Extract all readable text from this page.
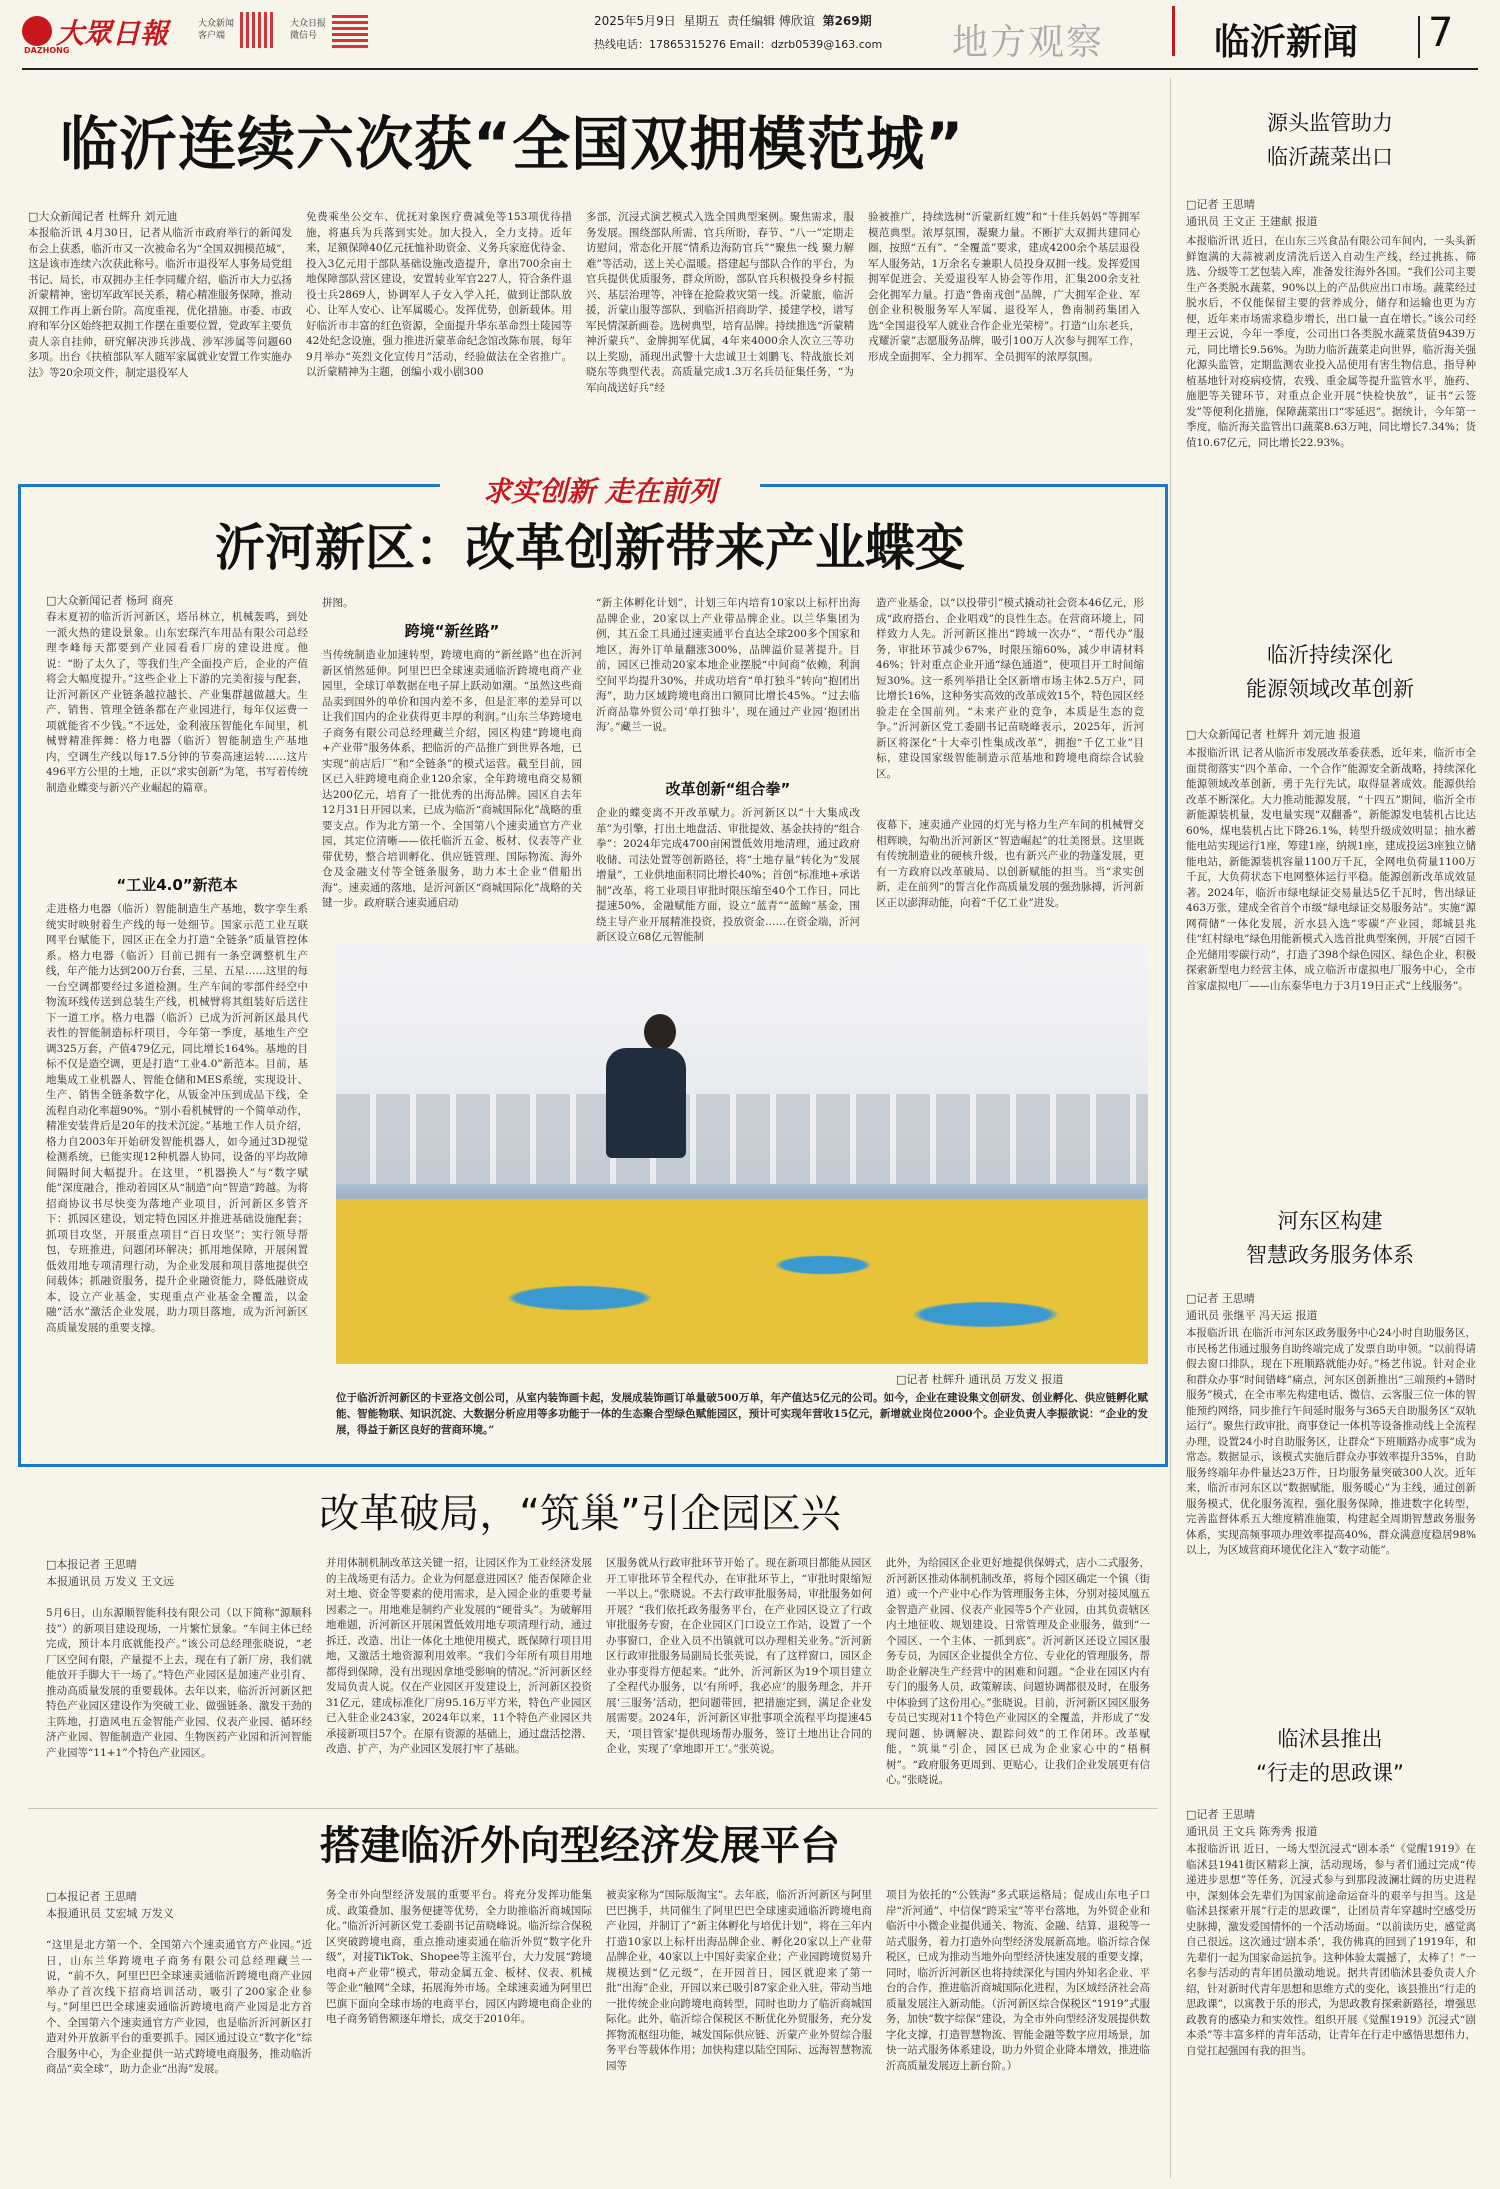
大眾日報
DAZHONG
大众新闻客户端
大众日报微信号
2025年5月9日 星期五 责任编辑 傅欣谊 第269期
热线电话：17865315276 Email：dzrb0539@163.com 地方观察	临沂新闻 7
临沂连续六次获“全国双拥模范城”
□大众新闻记者 杜辉升 刘元迪
本报临沂讯 4月30日，记者从临沂市政府举行的新闻发布会上获悉，临沂市又一次被命名为“全国双拥模范城”，这是该市连续六次获此称号。临沂市退役军人事务局党组书记、局长，市双拥办主任李同耀介绍，临沂市大力弘扬沂蒙精神，密切军政军民关系，精心精准服务保障，推动双拥工作再上新台阶。高度重视，优化措施。市委、市政府和军分区始终把双拥工作摆在重要位置，党政军主要负责人亲自挂帅，研究解决涉兵涉战、涉军涉属等问题60多项。出台《扶植部队军人随军家属就业安置工作实施办法》等20余项文件，制定退役军人
免费乘坐公交车、优抚对象医疗费减免等153项优待措施，将惠兵为兵落到实处。加大投入，全力支持。近年来，足额保障40亿元抚恤补助资金、义务兵家庭优待金、投入3亿元用于部队基础设施改造提升，拿出700余亩土地保障部队营区建设，安置转业军官227人，符合条件退役士兵2869人，协调军人子女入学入托，做到让部队放心、让军人安心、让军属暖心。发挥优势，创新载体。用好临沂市丰富的红色资源，全面提升华东革命烈士陵园等42处纪念设施，强力推进沂蒙革命纪念馆改陈布展，每年9月举办“英烈文化宣传月”活动，经验做法在全省推广。以沂蒙精神为主题，创编小戏小剧300
多部，沉浸式演艺模式入选全国典型案例。聚焦需求，服务发展。围绕部队所需、官兵所盼，春节、“八一”定期走访慰问，常态化开展“情系边海防官兵”“聚焦一线 聚力解难”等活动，送上关心温暖。搭建起与部队合作的平台，为官兵提供优质服务，群众所盼，部队官兵积极投身乡村振兴、基层治理等，冲锋在抢险救灾第一线。沂蒙旅，临沂援，沂蒙山服等部队，到临沂招商助学、援建学校，谱写军民情深新画卷。选树典型，培育品牌。持续推选“沂蒙精神沂蒙兵”、金牌拥军优属，4年来4000余人次立三等功以上奖励，涌现出武警十大忠诚卫士刘鹏飞、特战旅长刘晓东等典型代表。高质量完成1.3万名兵员征集任务，“为军向战送好兵”经
验被推广，持续选树“沂蒙新红嫂”和“十佳兵妈妈”等拥军模范典型。浓厚氛围，凝聚力量。不断扩大双拥共建同心圈，按照“五有”、“全覆盖”要求，建成4200余个基层退役军人服务站，1万余名专兼职人员投身双拥一线。发挥爱国拥军促进会、关爱退役军人协会等作用，汇集200余支社会化拥军力量。打造“鲁南戎创”品牌，广大拥军企业、军创企业积极服务军人军属、退役军人，鲁南制药集团入选“全国退役军人就业合作企业光荣榜”。打造“山东老兵，戎耀沂蒙”志愿服务品牌，吸引100万人次参与拥军工作，形成全面拥军、全力拥军、全员拥军的浓厚氛围。
求实创新 走在前列
沂河新区：改革创新带来产业蝶变
□大众新闻记者 杨珂 商亮
春末夏初的临沂沂河新区，塔吊林立，机械轰鸣，到处一派火热的建设景象。山东宏琛汽车用品有限公司总经理李峰每天都要到产业园看看厂房的建设进度。他说：“盼了太久了，等我们生产全面投产后，企业的产值将会大幅度提升。”这些企业上下游的完美衔接与配套，让沂河新区产业链条越拉越长、产业集群越做越大。生产、销售、管理全链条都在产业园进行，每年仅运费一项就能省不少钱。”不远处，金利液压智能化车间里，机械臂精准挥舞：格力电器（临沂）智能制造生产基地内，空调生产线以每17.5分钟的节奏高速运转……这片496平方公里的土地，正以“求实创新”为笔，书写着传统制造业蝶变与新兴产业崛起的篇章。
“工业4.0”新范本
走进格力电器（临沂）智能制造生产基地，数字孪生系统实时映射着生产线的每一处细节。国家示范工业互联网平台赋能下，园区正在全力打造“全链条”质量管控体系。格力电器（临沂）目前已拥有一条空调整机生产线，年产能力达到200万台套，三星、五星……这里的每一台空调都要经过多道检测。生产车间的零部件经空中物流环线传送到总装生产线，机械臂将其组装好后送往下一道工序。格力电器（临沂）已成为沂河新区最具代表性的智能制造标杆项目，今年第一季度，基地生产空调325万套，产值479亿元，同比增长164%。基地的目标不仅是造空调，更是打造“工业4.0”新范本。目前，基地集成工业机器人、智能仓储和MES系统，实现设计、生产、销售全链条数字化，从钣金冲压到成品下线，全流程自动化率超90%。“别小看机械臂的一个简单动作，精准安装背后是20年的技术沉淀。”基地工作人员介绍，格力自2003年开始研发智能机器人，如今通过3D视觉检测系统，已能实现12种机器人协同，设备的平均故障间隔时间大幅提升。在这里，“机器换人”与“数字赋能”深度融合，推动着园区从“制造”向“智造”跨越。为将招商协议书尽快变为落地产业项目，沂河新区多管齐下：抓园区建设，划定特色园区并推进基础设施配套；抓项目攻坚，开展重点项目“百日攻坚”；实行领导帮包，专班推进，问题闭环解决；抓用地保障，开展闲置低效用地专项清理行动，为企业发展和项目落地提供空间载体；抓融资服务，提升企业融资能力，降低融资成本，设立产业基金，实现重点产业基金全覆盖，以金融“活水”激活企业发展，助力项目落地，成为沂河新区高质量发展的重要支撑。
拼图。
跨境“新丝路”
当传统制造业加速转型，跨境电商的“新丝路”也在沂河新区悄然延伸。阿里巴巴全球速卖通临沂跨境电商产业园里，全球订单数据在电子屏上跃动如潮。“虽然这些商品卖到国外的单价和国内差不多，但是汇率的差异可以让我们国内的企业获得更丰厚的利润。”山东兰华跨境电子商务有限公司总经理藏兰介绍，园区构建“跨境电商+产业带”服务体系，把临沂的产品推广到世界各地，已实现“前店后厂”和“全链条”的模式运营。截至目前，园区已入驻跨境电商企业120余家，全年跨境电商交易额达200亿元，培育了一批优秀的出海品牌。园区自去年12月31日开园以来，已成为临沂“商城国际化”战略的重要支点。作为北方第一个、全国第八个速卖通官方产业园，其定位清晰——依托临沂五金、板材、仪表等产业带优势，整合培训孵化、供应链管理、国际物流、海外仓及金融支付等全链条服务，助力本土企业“借船出海”。速卖通的落地，是沂河新区“商城国际化”战略的关键一步。政府联合速卖通启动
“新主体孵化计划”，计划三年内培育10家以上标杆出海品牌企业，20家以上产业带品牌企业。以兰华集团为例，其五金工具通过速卖通平台直达全球200多个国家和地区，海外订单量翻涨300%，品牌溢价显著提升。目前，园区已推动20家本地企业摆脱“中间商”依赖，利润空间平均提升30%，并成功培育“单打独斗”转向“抱团出海”，助力区域跨境电商出口额同比增长45%。“过去临沂商品靠外贸公司‘单打独斗’，现在通过产业园‘抱团出海’。”藏兰一说。
改革创新“组合拳”
企业的蝶变离不开改革赋力。沂河新区以“十大集成改革”为引擎，打出土地盘活、审批提效、基金扶持的“组合拳”：2024年完成4700亩闲置低效用地清理，通过政府收储、司法处置等创新路径，将“土地存量”转化为“发展增量”，工业供地面积同比增长40%；首创“标准地+承诺制”改革，将工业项目审批时限压缩至40个工作日，同比提速50%，金融赋能方面，设立“蓝青”“蓝鲸”基金，围绕主导产业开展精准投资，投放资金……在资金端，沂河新区设立68亿元智能制
造产业基金，以“以投带引”模式撬动社会资本46亿元，形成“政府搭台、企业唱戏”的良性生态。在营商环境上，同样致力人先。沂河新区推出“跨域一次办”、“帮代办”服务，审批环节减少67%，时限压缩60%，减少申请材料46%；针对重点企业开通“绿色通道”，使项目开工时间缩短30%。这一系列举措让全区新增市场主体2.5万户，同比增长16%，这种务实高效的改革成效15个，特色园区经验走在全国前列。“未来产业的竞争，本质是生态的竞争。”沂河新区党工委副书记苗晓峰表示，2025年，沂河新区将深化“十大牵引性集成改革”，拥抱“千亿工业”目标，建设国家级智能制造示范基地和跨境电商综合试验区。
夜幕下，速卖通产业园的灯光与格力生产车间的机械臂交相辉映，勾勒出沂河新区“智造崛起”的壮美图景。这里既有传统制造业的硬核升级，也有新兴产业的勃蓬发展，更有一方政府以改革破局、以创新赋能的担当。当“求实创新，走在前列”的誓言化作高质量发展的强劲脉搏，沂河新区正以澎湃动能，向着“千亿工业”进发。
□记者 杜辉升 通讯员 万发义 报道
位于临沂沂河新区的卡亚洛文创公司，从室内装饰画卡起，发展成装饰画订单量破500万单，年产值达5亿元的公司。如今，企业在建设集文创研发、创业孵化、供应链孵化赋能、智能物联、知识沉淀、大数据分析应用等多功能于一体的生态聚合型绿色赋能园区，预计可实现年营收15亿元，新增就业岗位2000个。企业负责人李振欲说：“企业的发展，得益于新区良好的营商环境。”
改革破局，“筑巢”引企园区兴
□本报记者 王思晴
本报通讯员 万发义 王文远
5月6日，山东源顺智能科技有限公司（以下简称“源顺科技”）的新项目建设现场，一片繁忙景象。“车间主体已经完成，预计本月底就能投产。”该公司总经理张晓说，“老厂区空间有限，产量提不上去，现在有了新厂房，我们就能放开手脚大干一场了。”特色产业园区是加速产业引育、推动高质量发展的重要载体。去年以来，临沂沂河新区把特色产业园区建设作为突破工业、做强链条、激发干劲的主阵地，打造风电五金智能产业园、仪表产业园、循环经济产业园、智能制造产业园、生物医药产业园和沂河智能产业园等“11+1”个特色产业园区。
并用体制机制改革这关键一招，让园区作为工业经济发展的主战场更有活力。企业为何愿意进园区？能否保障企业对土地、资金等要素的使用需求，是入园企业的重要考量因素之一。用地难是制约产业发展的“硬骨头”。为破解用地难题，沂河新区开展闲置低效用地专项清理行动，通过拆迁、改造、出让一体化土地使用模式，既保障行项目用地，又激活土地资源利用效率。“我们今年所有项目用地都得到保障，没有出现因拿地受影响的情况。”沂河新区经发局负责人说。仅在产业园区开发建设上，沂河新区投资31亿元，建成标准化厂房95.16万平方米，特色产业园区已入驻企业243家，2024年以来，11个特色产业园区共承接新项目57个。在原有资源的基础上，通过盘活挖潜、改造、扩产，为产业园区发展打牢了基础。
区服务就从行政审批环节开始了。现在新项目都能从园区开工审批环节全程代办，在审批环节上，“审批时限缩短一半以上。”张晓说。不去行政审批服务局，审批服务如何开展？“我们依托政务服务平台，在产业园区设立了行政审批服务专窗，在企业园区门口设立工作站，设置了一个办事窗口，企业入员不出镇就可以办理相关业务。”沂河新区行政审批服务局副局长张英说，有了这样窗口，园区企业办事变得方便起来。“此外，沂河新区为19个项目建立了全程代办服务，以‘有所呼，我必应’的服务理念，并开展‘三服务’活动，把问题带回，把措施定到，满足企业发展需要。2024年，沂河新区审批事项全流程平均提速45天，‘项目管家’提供现场帮办服务，签订土地出让合同的企业，实现了‘拿地即开工’。”张英说。
此外，为给园区企业更好地提供保姆式，店小二式服务，沂河新区推动体制机制改革，将每个园区确定一个镇（街道）或一个产业中心作为管理服务主体，分别对接凤凰五金智造产业园、仪表产业园等5个产业园，由其负责辖区内土地征收、规划建设、日常管理及企业服务，做到“一个园区、一个主体、一抓到底”。沂河新区还设立园区服务专员，为园区企业提供全方位、专业化的管理服务，帮助企业解决生产经营中的困难和问题。“企业在园区内有专门的服务人员，政策解读、问题协调都很及时，在服务中体验到了这份用心。”张晓说。目前，沂河新区园区服务专员已实现对11个特色产业园区的全覆盖，并形成了“发现问题、协调解决、跟踪问效”的工作闭环。改革赋能，“筑巢”引企，园区已成为企业家心中的“梧桐树”。“政府服务更周到、更贴心，让我们企业发展更有信心。”张晓说。
搭建临沂外向型经济发展平台
□本报记者 王思晴
本报通讯员 艾宏城 万发义
“这里是北方第一个、全国第六个速卖通官方产业园。”近日，山东兰华跨境电子商务有限公司总经理藏兰一说，“前不久，阿里巴巴全球速卖通临沂跨境电商产业园举办了首次线下招商培训活动，吸引了200家企业参与。”阿里巴巴全球速卖通临沂跨境电商产业园是北方首个、全国第六个速卖通官方产业园，也是临沂沂河新区打造对外开放新平台的重要抓手。园区通过设立“数字化”综合服务中心，为企业提供一站式跨境电商服务，推动临沂商品“卖全球”，助力企业“出海”发展。
务全市外向型经济发展的重要平台。将充分发挥功能集成、政策叠加、服务便捷等优势，全力助推临沂商城国际化。”临沂沂河新区党工委副书记苗晓峰说。临沂综合保税区突破跨境电商，重点推动速卖通在临沂外贸“数字化升级”，对接TikTok、Shopee等主流平台，大力发展“跨境电商+产业带”模式，带动金属五金、板材、仪表、机械等企业“触网”全球，拓展海外市场。全球速卖通为阿里巴巴旗下面向全球市场的电商平台，园区内跨境电商企业的电子商务销售额逐年增长，成交于2010年。
被卖家称为“国际版淘宝”。去年底，临沂沂河新区与阿里巴巴携手，共同催生了阿里巴巴全球速卖通临沂跨境电商产业园，并制订了“新主体孵化与培优计划”，将在三年内打造10家以上标杆出海品牌企业、孵化20家以上产业带品牌企业，40家以上中国好卖家企业；产业园跨境贸易升规模达到“亿元级”，在开园首日，园区就迎来了第一批“出海”企业，开园以来已吸引87家企业入驻，带动当地一批传统企业向跨境电商转型，同时也助力了临沂商城国际化。此外，临沂综合保税区不断优化外贸服务，充分发挥物流枢纽功能，城发国际供应链、沂蒙产业外贸综合服务平台等载体作用；加快构建以陆空国际、远海智慧物流园等
项目为依托的“公铁海”多式联运格局；促成山东电子口岸“沂河通”、中信保“跨采宝”等平台落地，为外贸企业和临沂中小微企业提供通关、物流、金融、结算、退税等一站式服务，着力打造外向型经济发展新高地。临沂综合保税区，已成为推动当地外向型经济快速发展的重要支撑，同时，临沂沂河新区也将持续深化与国内外知名企业、平台的合作，推进临沂商城国际化进程，为区域经济社会高质量发展注入新动能。（沂河新区综合保税区“1919”式服务，加快“数字综保”建设，为全市外向型经济发展提供数字化支撑，打造智慧物流、智能金融等数字应用场景，加快一站式服务体系建设，助力外贸企业降本增效，推进临沂高质量发展迈上新台阶。）
源头监管助力
临沂蔬菜出口
□记者 王思晴
通讯员 王文正 王建献 报道
本报临沂讯 近日，在山东三兴食品有限公司车间内，一头头新鲜饱满的大蒜被剥皮清洗后送入自动生产线，经过挑拣、筛选、分级等工艺包装入库，准备发往海外各国。“我们公司主要生产各类脱水蔬菜，90%以上的产品供应出口市场。蔬菜经过脱水后，不仅能保留主要的营养成分，储存和运输也更为方便，近年来市场需求稳步增长，出口量一直在增长。”该公司经理王云说，今年一季度，公司出口各类脱水蔬菜货值9439万元，同比增长9.56%。为助力临沂蔬菜走向世界，临沂海关强化源头监管，定期监测农业投入品使用有害生物信息，指导种植基地针对疫病疫情，农残、重金属等提升监管水平，施药、施肥等关键环节，对重点企业开展“快检快放”，证书“云签发”等便利化措施，保障蔬菜出口“零延迟”。据统计，今年第一季度，临沂海关监管出口蔬菜8.63万吨，同比增长7.34%；货值10.67亿元，同比增长22.93%。
临沂持续深化
能源领域改革创新
□大众新闻记者 杜辉升 刘元迪 报道
本报临沂讯 记者从临沂市发展改革委获悉，近年来，临沂市全面贯彻落实“四个革命、一个合作”能源安全新战略，持续深化能源领域改革创新，勇于先行先试，取得显著成效。能源供给改革不断深化。大力推动能源发展，“十四五”期间，临沂全市新能源装机量，发电量实现“双翻番”，新能源发电装机占比达60%，煤电装机占比下降26.1%，转型升级成效明显；抽水蓄能电站实现运行1座，筹建1座，纳规1座，建成投运3座独立储能电站，新能源装机容量1100万千瓦，全网电负荷量1100万千瓦，大负荷状态下电网整体运行平稳。能源创新改革成效显著。2024年，临沂市绿电绿证交易量达5亿千瓦时，售出绿证463万张，建成全省首个市级“绿电绿证交易服务站”。实施“源网荷储”一体化发展，沂水县入选“零碳”产业园，郯城县兆佳“红村绿电”绿色用能新模式入选首批典型案例，开展“百园千企光储用零碳行动”，打造了398个绿色园区、绿色企业，积极探索新型电力经营主体，成立临沂市虚拟电厂服务中心，全市首家虚拟电厂——山东泰华电力于3月19日正式“上线服务”。
河东区构建
智慧政务服务体系
□记者 王思晴
通讯员 张继平 冯天运 报道
本报临沂讯 在临沂市河东区政务服务中心24小时自助服务区，市民杨艺伟通过服务自助终端完成了发票自助申领。“以前得请假去窗口排队，现在下班顺路就能办好。”杨艺伟说。针对企业和群众办事“时间错峰”痛点，河东区创新推出“三端预约+错时服务”模式，在全市率先构建电话、微信、云客服三位一体的智能预约网络，同步推行午间延时服务与365天自助服务区“双轨运行”。聚焦行政审批，商事登记一体机等设备推动线上全流程办理，设置24小时自助服务区，让群众“下班顺路办成事”成为常态。数据显示，该模式实施后群众办事效率提升35%，自助服务终端年办件量达23万件，日均服务量突破300人次。近年来，临沂市河东区以“数据赋能，服务暖心”为主线，通过创新服务模式，优化服务流程，强化服务保障，推进数字化转型，完善监督体系五大维度精准施策，构建起全周期智慧政务服务体系，实现高频事项办理效率提高40%，群众满意度稳居98%以上，为区域营商环境优化注入“数字动能”。
临沭县推出
“行走的思政课”
□记者 王思晴
通讯员 王文兵 陈秀秀 报道
本报临沂讯 近日，一场大型沉浸式“剧本杀”《觉醒1919》在临沭县1941街区精彩上演，活动现场，参与者们通过完成“传递进步思想”等任务，沉浸式参与到那段波澜壮阔的历史进程中，深刻体会先辈们为国家前途命运奋斗的艰辛与担当。这是临沭县探索开展“行走的思政课”，让团员青年穿越时空感受历史脉搏，激发爱国情怀的一个活动场面。“以前读历史，感觉离自己很远。这次通过‘剧本杀’，我仿佛真的回到了1919年，和先辈们一起为国家命运抗争。这种体验太震撼了，太棒了！”一名参与活动的青年团员激动地说。据共青团临沭县委负责人介绍，针对新时代青年思想和思维方式的变化，该县推出“行走的思政课”，以寓教于乐的形式，为思政教育探索新路径，增强思政教育的感染力和实效性。组织开展《觉醒1919》沉浸式“剧本杀”等丰富多样的青年活动，让青年在行走中感悟思想伟力，自觉扛起强国有我的担当。
